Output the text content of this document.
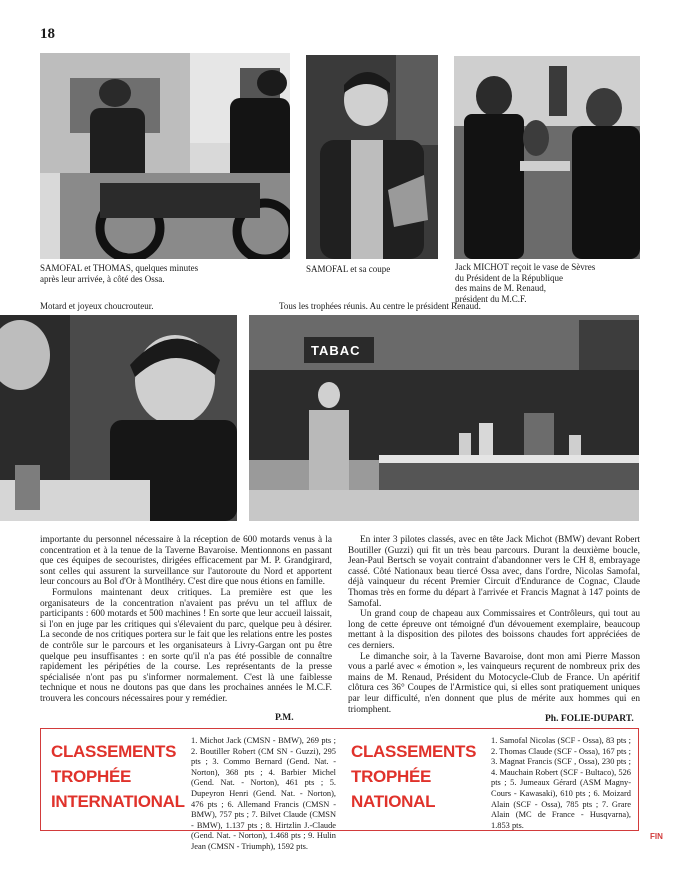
18
SAMOFAL et THOMAS, quelques minutes
après leur arrivée, à côté des Ossa.
SAMOFAL et sa coupe	Jack MICHOT reçoit le vase de Sèvres
du Président de la République
des mains de M. Renaud,
président du M.C.F.
Motard et joyeux choucrouteur.	Tous les trophées réunis. Au centre le président Renaud.
TABAC

importante du personnel nécessaire à la réception de 600 motards venus à la concentration et à la tenue de la Taverne Bavaroise. Mentionnons en passant que ces équipes de secouristes, dirigées efficacement par M. P. Grandgirard, sont celles qui assurent la surveillance sur l'autoroute du Nord et apportent leur concours au Bol d'Or à Montlhéry. C'est dire que nous étions en famille.

Formulons maintenant deux critiques. La première est que les organisateurs de la concentration n'avaient pas prévu un tel afflux de participants : 600 motards et 500 machines ! En sorte que leur accueil laissait, si l'on en juge par les critiques qui s'élevaient du parc, quelque peu à désirer. La seconde de nos critiques portera sur le fait que les relations entre les postes de contrôle sur le parcours et les organisateurs à Livry-Gargan ont pu être quelque peu insuffisantes : en sorte qu'il n'a pas été possible de connaître rapidement les péripéties de la course. Les représentants de la presse spécialisée n'ont pas pu s'informer normalement. C'est là une faiblesse technique et nous ne doutons pas que dans les prochaines années le M.C.F. trouvera les concours nécessaires pour y remédier.

P.M.

En inter 3 pilotes classés, avec en tête Jack Michot (BMW) devant Robert Boutiller (Guzzi) qui fit un très beau parcours. Durant la deuxième boucle, Jean-Paul Bertsch se voyait contraint d'abandonner vers le CH 8, embrayage cassé. Côté Nationaux beau tiercé Ossa avec, dans l'ordre, Nicolas Samofal, déjà vainqueur du récent Premier Circuit d'Endurance de Cognac, Claude Thomas très en forme du départ à l'arrivée et Francis Magnat à 147 points de Samofal.

Un grand coup de chapeau aux Commissaires et Contrôleurs, qui tout au long de cette épreuve ont témoigné d'un dévouement exemplaire, beaucoup mettant à la disposition des pilotes des boissons chaudes fort appréciées de ces derniers.

Le dimanche soir, à la Taverne Bavaroise, dont mon ami Pierre Masson vous a parlé avec « émotion », les vainqueurs reçurent de nombreux prix des mains de M. Renaud, Président du Motocycle-Club de France. Un apéritif clôtura ces 36° Coupes de l'Armistice qui, si elles sont pratiquement uniques par leur difficulté, n'en donnent que plus de mérite aux hommes qui en triomphent.

Ph. FOLIE-DUPART.
CLASSEMENTS
TROPHÉE
INTERNATIONAL
1. Michot Jack (CMSN - BMW), 269 pts ; 2. Boutiller Robert (CM SN - Guzzi), 295 pts ; 3. Commo Bernard (Gend. Nat. - Norton), 368 pts ; 4. Barbier Michel (Gend. Nat. - Norton), 461 pts ; 5. Dupeyron Henri (Gend. Nat. - Norton), 476 pts ; 6. Allemand Francis (CMSN - BMW), 757 pts ; 7. Bilvet Claude (CMSN - BMW), 1.137 pts ; 8. Hirtzlin J.-Claude (Gend. Nat. - Norton), 1.468 pts ; 9. Hulin Jean (CMSN - Triumph), 1592 pts.
CLASSEMENTS
TROPHÉE
NATIONAL
1. Samofal Nicolas (SCF - Ossa), 83 pts ; 2. Thomas Claude (SCF - Ossa), 167 pts ; 3. Magnat Francis (SCF , Ossa), 230 pts ; 4. Mauchain Robert (SCF - Bultaco), 526 pts ; 5. Jumeaux Gérard (ASM Magny-Cours - Kawasaki), 610 pts ; 6. Moizard Alain (SCF - Ossa), 785 pts ; 7. Grare Alain (MC de France - Husqvarna), 1.853 pts.
FIN
